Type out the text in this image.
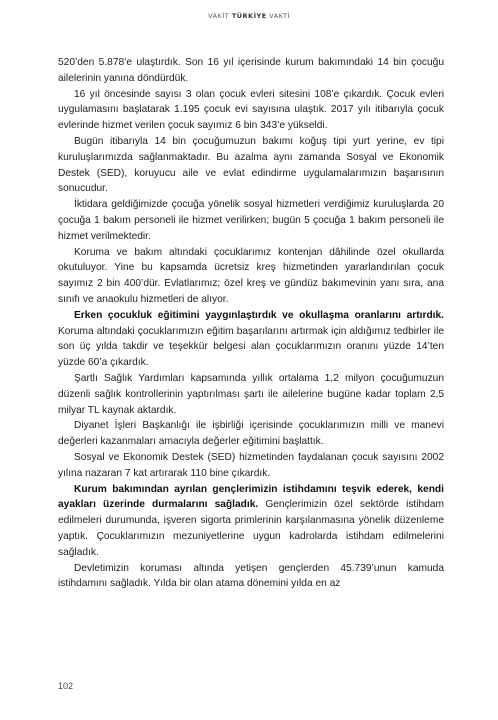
VAKİT TÜRKİYE VAKTİ

520’den 5.878’e ulaştırdık. Son 16 yıl içerisinde kurum bakımındaki 14 bin çocuğu ailelerinin yanına döndürdük.

16 yıl öncesinde sayısı 3 olan çocuk evleri sitesini 108’e çıkardık. Çocuk evleri uygulamasını başlatarak 1.195 çocuk evi sayısına ulaştık. 2017 yılı itibarıyla çocuk evlerinde hizmet verilen çocuk sayımız 6 bin 343’e yükseldi.

Bugün itibarıyla 14 bin çocuğumuzun bakımı koğuş tipi yurt yerine, ev tipi kuruluşlarımızda sağlanmaktadır. Bu azalma aynı zamanda Sosyal ve Ekonomik Destek (SED), koruyucu aile ve evlat edindirme uygulamalarımızın başarısının sonucudur.

İktidara geldiğimizde çocuğa yönelik sosyal hizmetleri verdiğimiz kuruluşlarda 20 çocuğa 1 bakım personeli ile hizmet verilirken; bugün 5 çocuğa 1 bakım personeli ile hizmet verilmektedir.

Koruma ve bakım altındaki çocuklarımız kontenjan dâhilinde özel okullarda okutuluyor. Yine bu kapsamda ücretsiz kreş hizmetinden yararlandırılan çocuk sayımız 2 bin 400’dür. Evlatlarımız; özel kreş ve gündüz bakımevinin yanı sıra, ana sınıfı ve anaokulu hizmetleri de alıyor.

Erken çocukluk eğitimini yaygınlaştırdık ve okullaşma oranlarını artırdık. Koruma altındaki çocuklarımızın eğitim başarılarını artırmak için aldığımız tedbirler ile son üç yılda takdir ve teşekkür belgesi alan çocuklarımızın oranını yüzde 14’ten yüzde 60’a çıkardık.

Şartlı Sağlık Yardımları kapsamında yıllık ortalama 1,2 milyon çocuğumuzun düzenli sağlık kontrollerinin yaptırılması şartı ile ailelerine bugüne kadar toplam 2,5 milyar TL kaynak aktardık.

Diyanet İşleri Başkanlığı ile işbirliği içerisinde çocuklarımızın milli ve manevi değerleri kazanmaları amacıyla değerler eğitimini başlattık.

Sosyal ve Ekonomik Destek (SED) hizmetinden faydalanan çocuk sayısını 2002 yılına nazaran 7 kat artırarak 110 bine çıkardık.

Kurum bakımından ayrılan gençlerimizin istihdamını teşvik ederek, kendi ayakları üzerinde durmalarını sağladık. Gençlerimizin özel sektörde istihdam edilmeleri durumunda, işveren sigorta primlerinin karşılanmasına yönelik düzenleme yaptık. Çocuklarımızın mezuniyetlerine uygun kadrolarda istihdam edilmelerini sağladık.

Devletimizin koruması altında yetişen gençlerden 45.739’unun kamuda istihdamını sağladık. Yılda bir olan atama dönemini yılda en az

102
